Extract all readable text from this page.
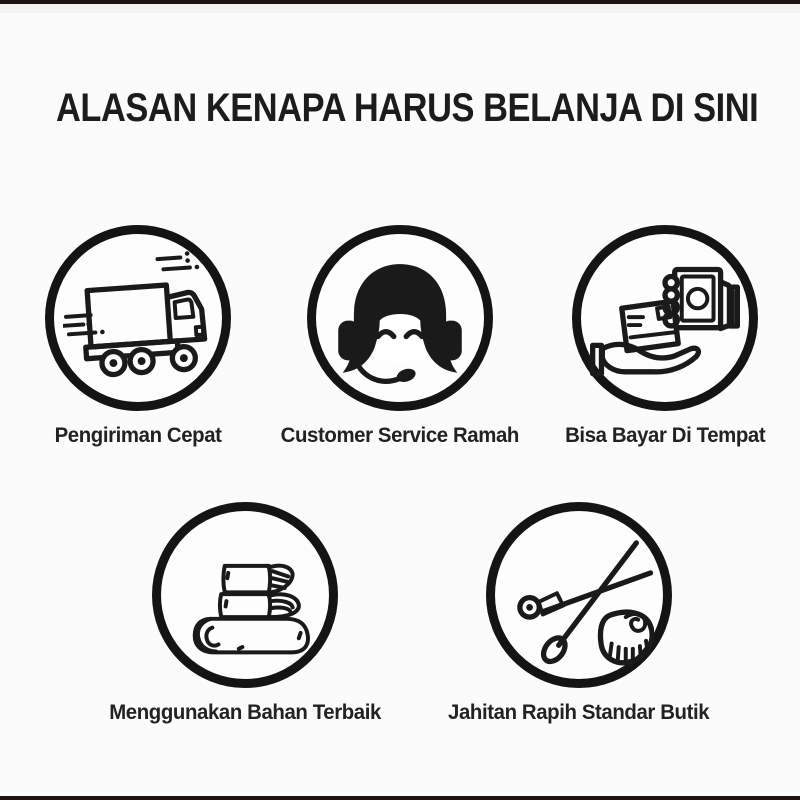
ALASAN KENAPA HARUS BELANJA DI SINI
Pengiriman Cepat	Customer Service Ramah Bisa Bayar Di Tempat
Menggunakan Bahan Terbaik	Jahitan Rapih Standar Butik
